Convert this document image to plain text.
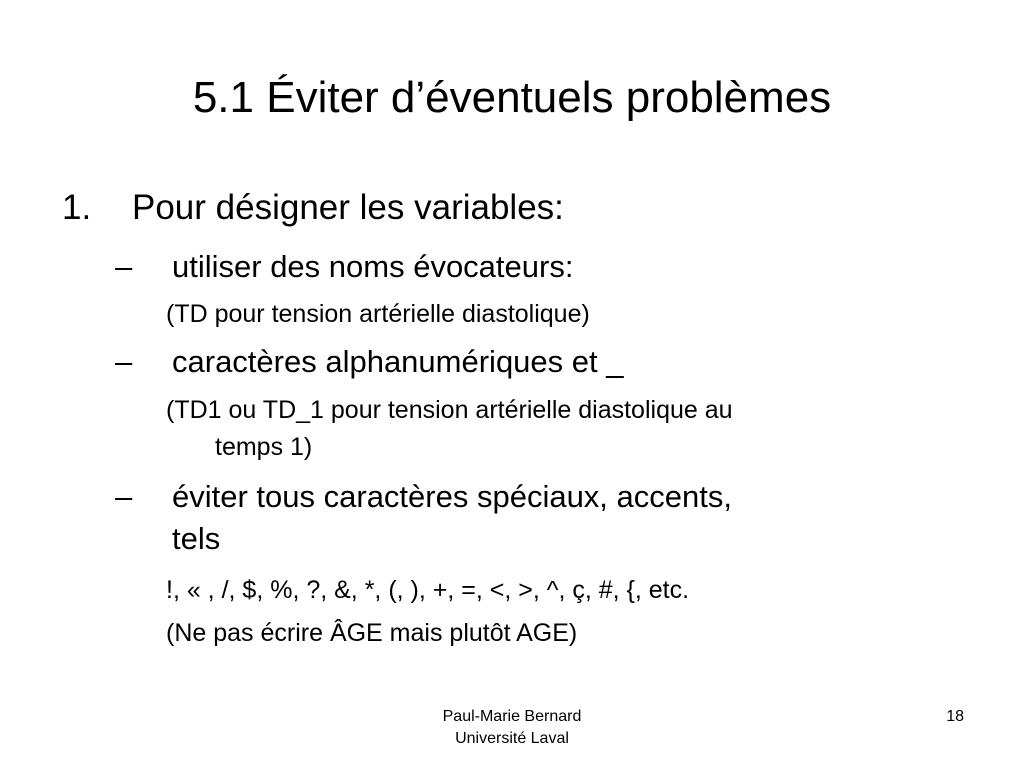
5.1 Éviter d’éventuels problèmes
1. Pour désigner les variables:
– utiliser des noms évocateurs:
(TD pour tension artérielle diastolique)
– caractères alphanumériques et _
(TD1 ou TD_1 pour tension artérielle diastolique au
temps 1)
– éviter tous caractères spéciaux, accents,
tels
!, « , /, $, %, ?, &, *, (, ), +, =, <, >, ^, ç, #, {, etc.
(Ne pas écrire ÂGE mais plutôt AGE)
Paul-Marie Bernard
Université Laval
18
